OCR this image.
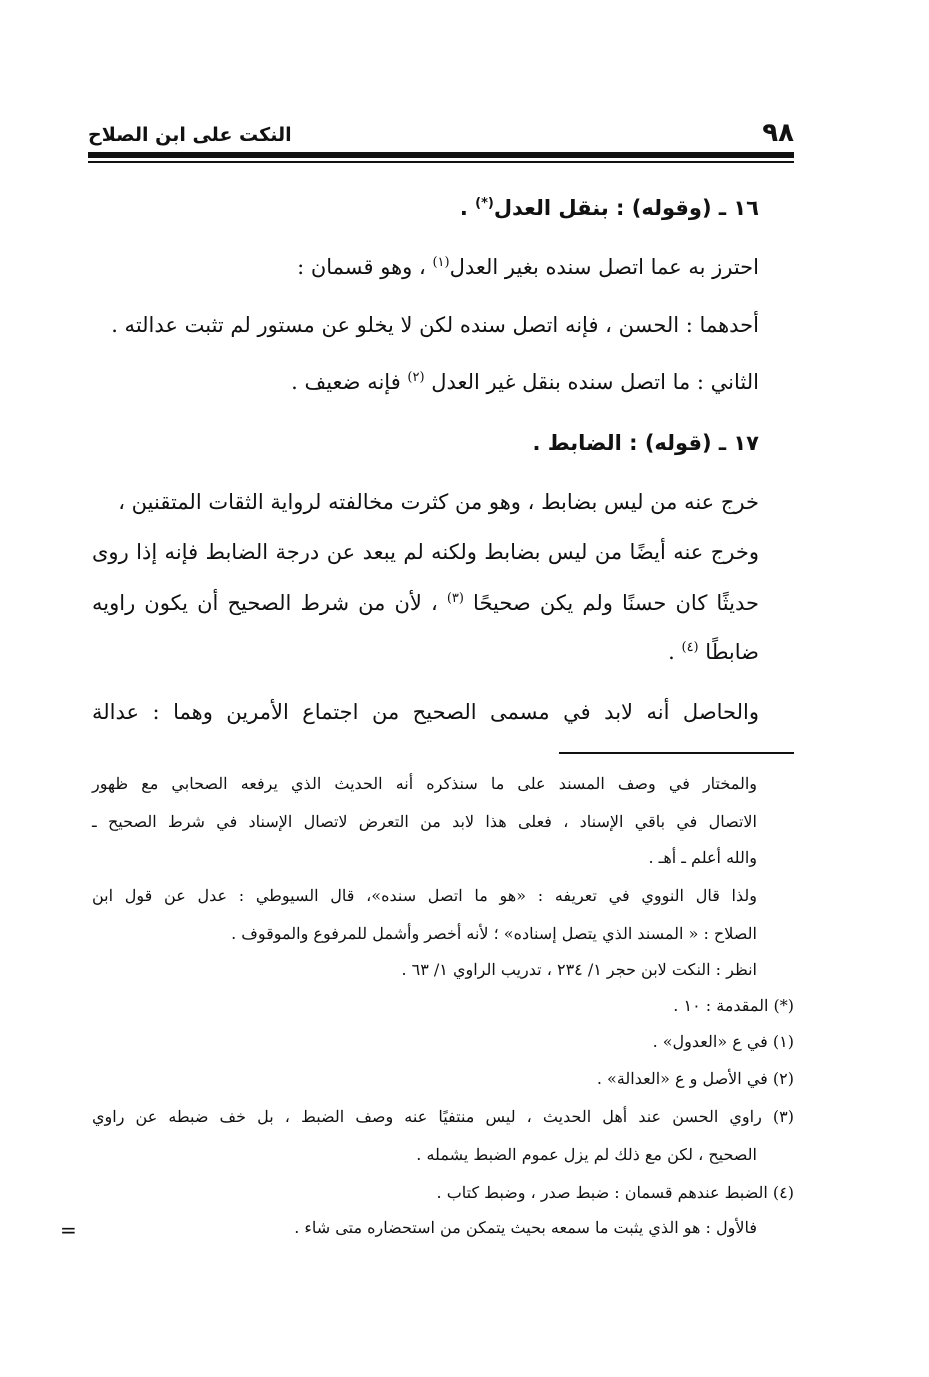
٩٨
النكت على ابن الصلاح
١٦ ـ (وقوله) : بنقل العدل(*) .
احترز به عما اتصل سنده بغير العدل$^{(١)}$ ، وهو قسمان :
أحدهما : الحسن ، فإنه اتصل سنده لكن لا يخلو عن مستور لم تثبت عدالته .
الثاني : ما اتصل سنده بنقل غير العدل $^{(٢)}$ فإنه ضعيف .
١٧ ـ (قوله) : الضابط .
خرج عنه من ليس بضابط ، وهو من كثرت مخالفته لرواية الثقات المتقنين ،
وخرج عنه أيضًا من ليس بضابط ولكنه لم يبعد عن درجة الضابط فإنه إذا روى
حديثًا كان حسنًا ولم يكن صحيحًا $^{(٣)}$ ، لأن من شرط الصحيح أن يكون راويه
ضابطًا $^{(٤)}$ .
والحاصل أنه لابد في مسمى الصحيح من اجتماع الأمرين وهما : عدالة
والمختار في وصف المسند على ما سنذكره أنه الحديث الذي يرفعه الصحابي مع ظهور
الاتصال في باقي الإسناد ، فعلى هذا لابد من التعرض لاتصال الإسناد في شرط الصحيح ـ
والله أعلم ـ أهـ .
ولذا قال النووي في تعريفه : «هو ما اتصل سنده»، قال السيوطي : عدل عن قول ابن
الصلاح : « المسند الذي يتصل إسناده» ؛ لأنه أخصر وأشمل للمرفوع والموقوف .
انظر : النكت لابن حجر ١/ ٢٣٤ ، تدريب الراوي ١/ ٦٣ .
(*) المقدمة : ١٠ .
(١) في ع «العدول» .
(٢) في الأصل و ع «العدالة» .
(٣) راوي الحسن عند أهل الحديث ، ليس منتفيًا عنه وصف الضبط ، بل خف ضبطه عن راوي
الصحيح ، لكن مع ذلك لم يزل عموم الضبط يشمله .
(٤) الضبط عندهم قسمان : ضبط صدر ، وضبط كتاب .
فالأول : هو الذي يثبت ما سمعه بحيث يتمكن من استحضاره متى شاء .
=
